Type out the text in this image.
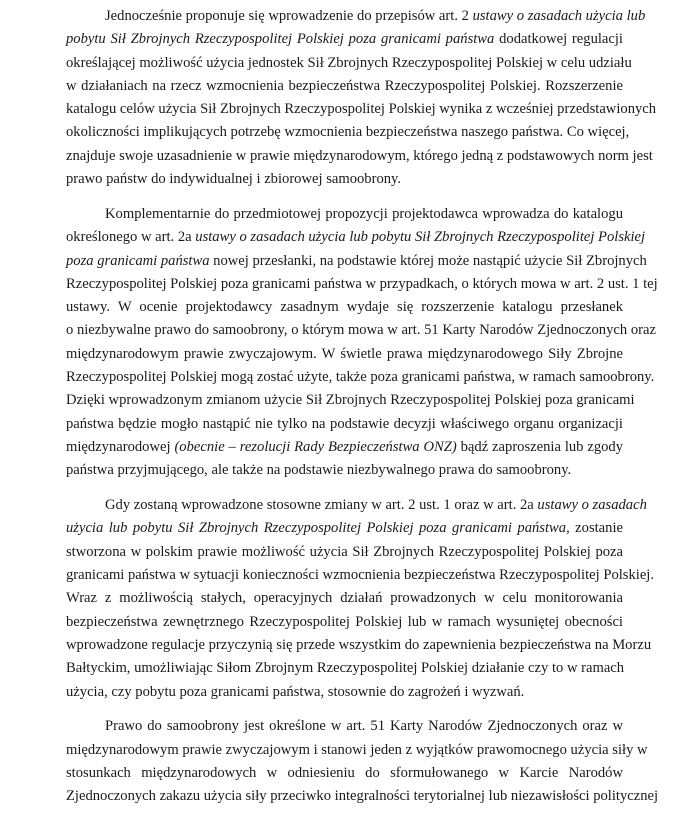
Jednocześnie proponuje się wprowadzenie do przepisów art. 2 ustawy o zasadach użycia lub
pobytu Sił Zbrojnych Rzeczypospolitej Polskiej poza granicami państwa dodatkowej regulacji
określającej możliwość użycia jednostek Sił Zbrojnych Rzeczypospolitej Polskiej w celu udziału
w działaniach na rzecz wzmocnienia bezpieczeństwa Rzeczypospolitej Polskiej. Rozszerzenie
katalogu celów użycia Sił Zbrojnych Rzeczypospolitej Polskiej wynika z wcześniej przedstawionych
okoliczności implikujących potrzebę wzmocnienia bezpieczeństwa naszego państwa. Co więcej,
znajduje swoje uzasadnienie w prawie międzynarodowym, którego jedną z podstawowych norm jest
prawo państw do indywidualnej i zbiorowej samoobrony.
Komplementarnie do przedmiotowej propozycji projektodawca wprowadza do katalogu
określonego w art. 2a ustawy o zasadach użycia lub pobytu Sił Zbrojnych Rzeczypospolitej Polskiej
poza granicami państwa nowej przesłanki, na podstawie której może nastąpić użycie Sił Zbrojnych
Rzeczypospolitej Polskiej poza granicami państwa w przypadkach, o których mowa w art. 2 ust. 1 tej
ustawy. W ocenie projektodawcy zasadnym wydaje się rozszerzenie katalogu przesłanek
o niezbywalne prawo do samoobrony, o którym mowa w art. 51 Karty Narodów Zjednoczonych oraz
międzynarodowym prawie zwyczajowym. W świetle prawa międzynarodowego Siły Zbrojne
Rzeczypospolitej Polskiej mogą zostać użyte, także poza granicami państwa, w ramach samoobrony.
Dzięki wprowadzonym zmianom użycie Sił Zbrojnych Rzeczypospolitej Polskiej poza granicami
państwa będzie mogło nastąpić nie tylko na podstawie decyzji właściwego organu organizacji
międzynarodowej (obecnie – rezolucji Rady Bezpieczeństwa ONZ) bądź zaproszenia lub zgody
państwa przyjmującego, ale także na podstawie niezbywalnego prawa do samoobrony.
Gdy zostaną wprowadzone stosowne zmiany w art. 2 ust. 1 oraz w art. 2a ustawy o zasadach
użycia lub pobytu Sił Zbrojnych Rzeczypospolitej Polskiej poza granicami państwa, zostanie
stworzona w polskim prawie możliwość użycia Sił Zbrojnych Rzeczypospolitej Polskiej poza
granicami państwa w sytuacji konieczności wzmocnienia bezpieczeństwa Rzeczypospolitej Polskiej.
Wraz z możliwością stałych, operacyjnych działań prowadzonych w celu monitorowania
bezpieczeństwa zewnętrznego Rzeczypospolitej Polskiej lub w ramach wysuniętej obecności
wprowadzone regulacje przyczynią się przede wszystkim do zapewnienia bezpieczeństwa na Morzu
Bałtyckim, umożliwiając Siłom Zbrojnym Rzeczypospolitej Polskiej działanie czy to w ramach
użycia, czy pobytu poza granicami państwa, stosownie do zagrożeń i wyzwań.
Prawo do samoobrony jest określone w art. 51 Karty Narodów Zjednoczonych oraz w
międzynarodowym prawie zwyczajowym i stanowi jeden z wyjątków prawomocnego użycia siły w
stosunkach międzynarodowych w odniesieniu do sformułowanego w Karcie Narodów
Zjednoczonych zakazu użycia siły przeciwko integralności terytorialnej lub niezawisłości politycznej
